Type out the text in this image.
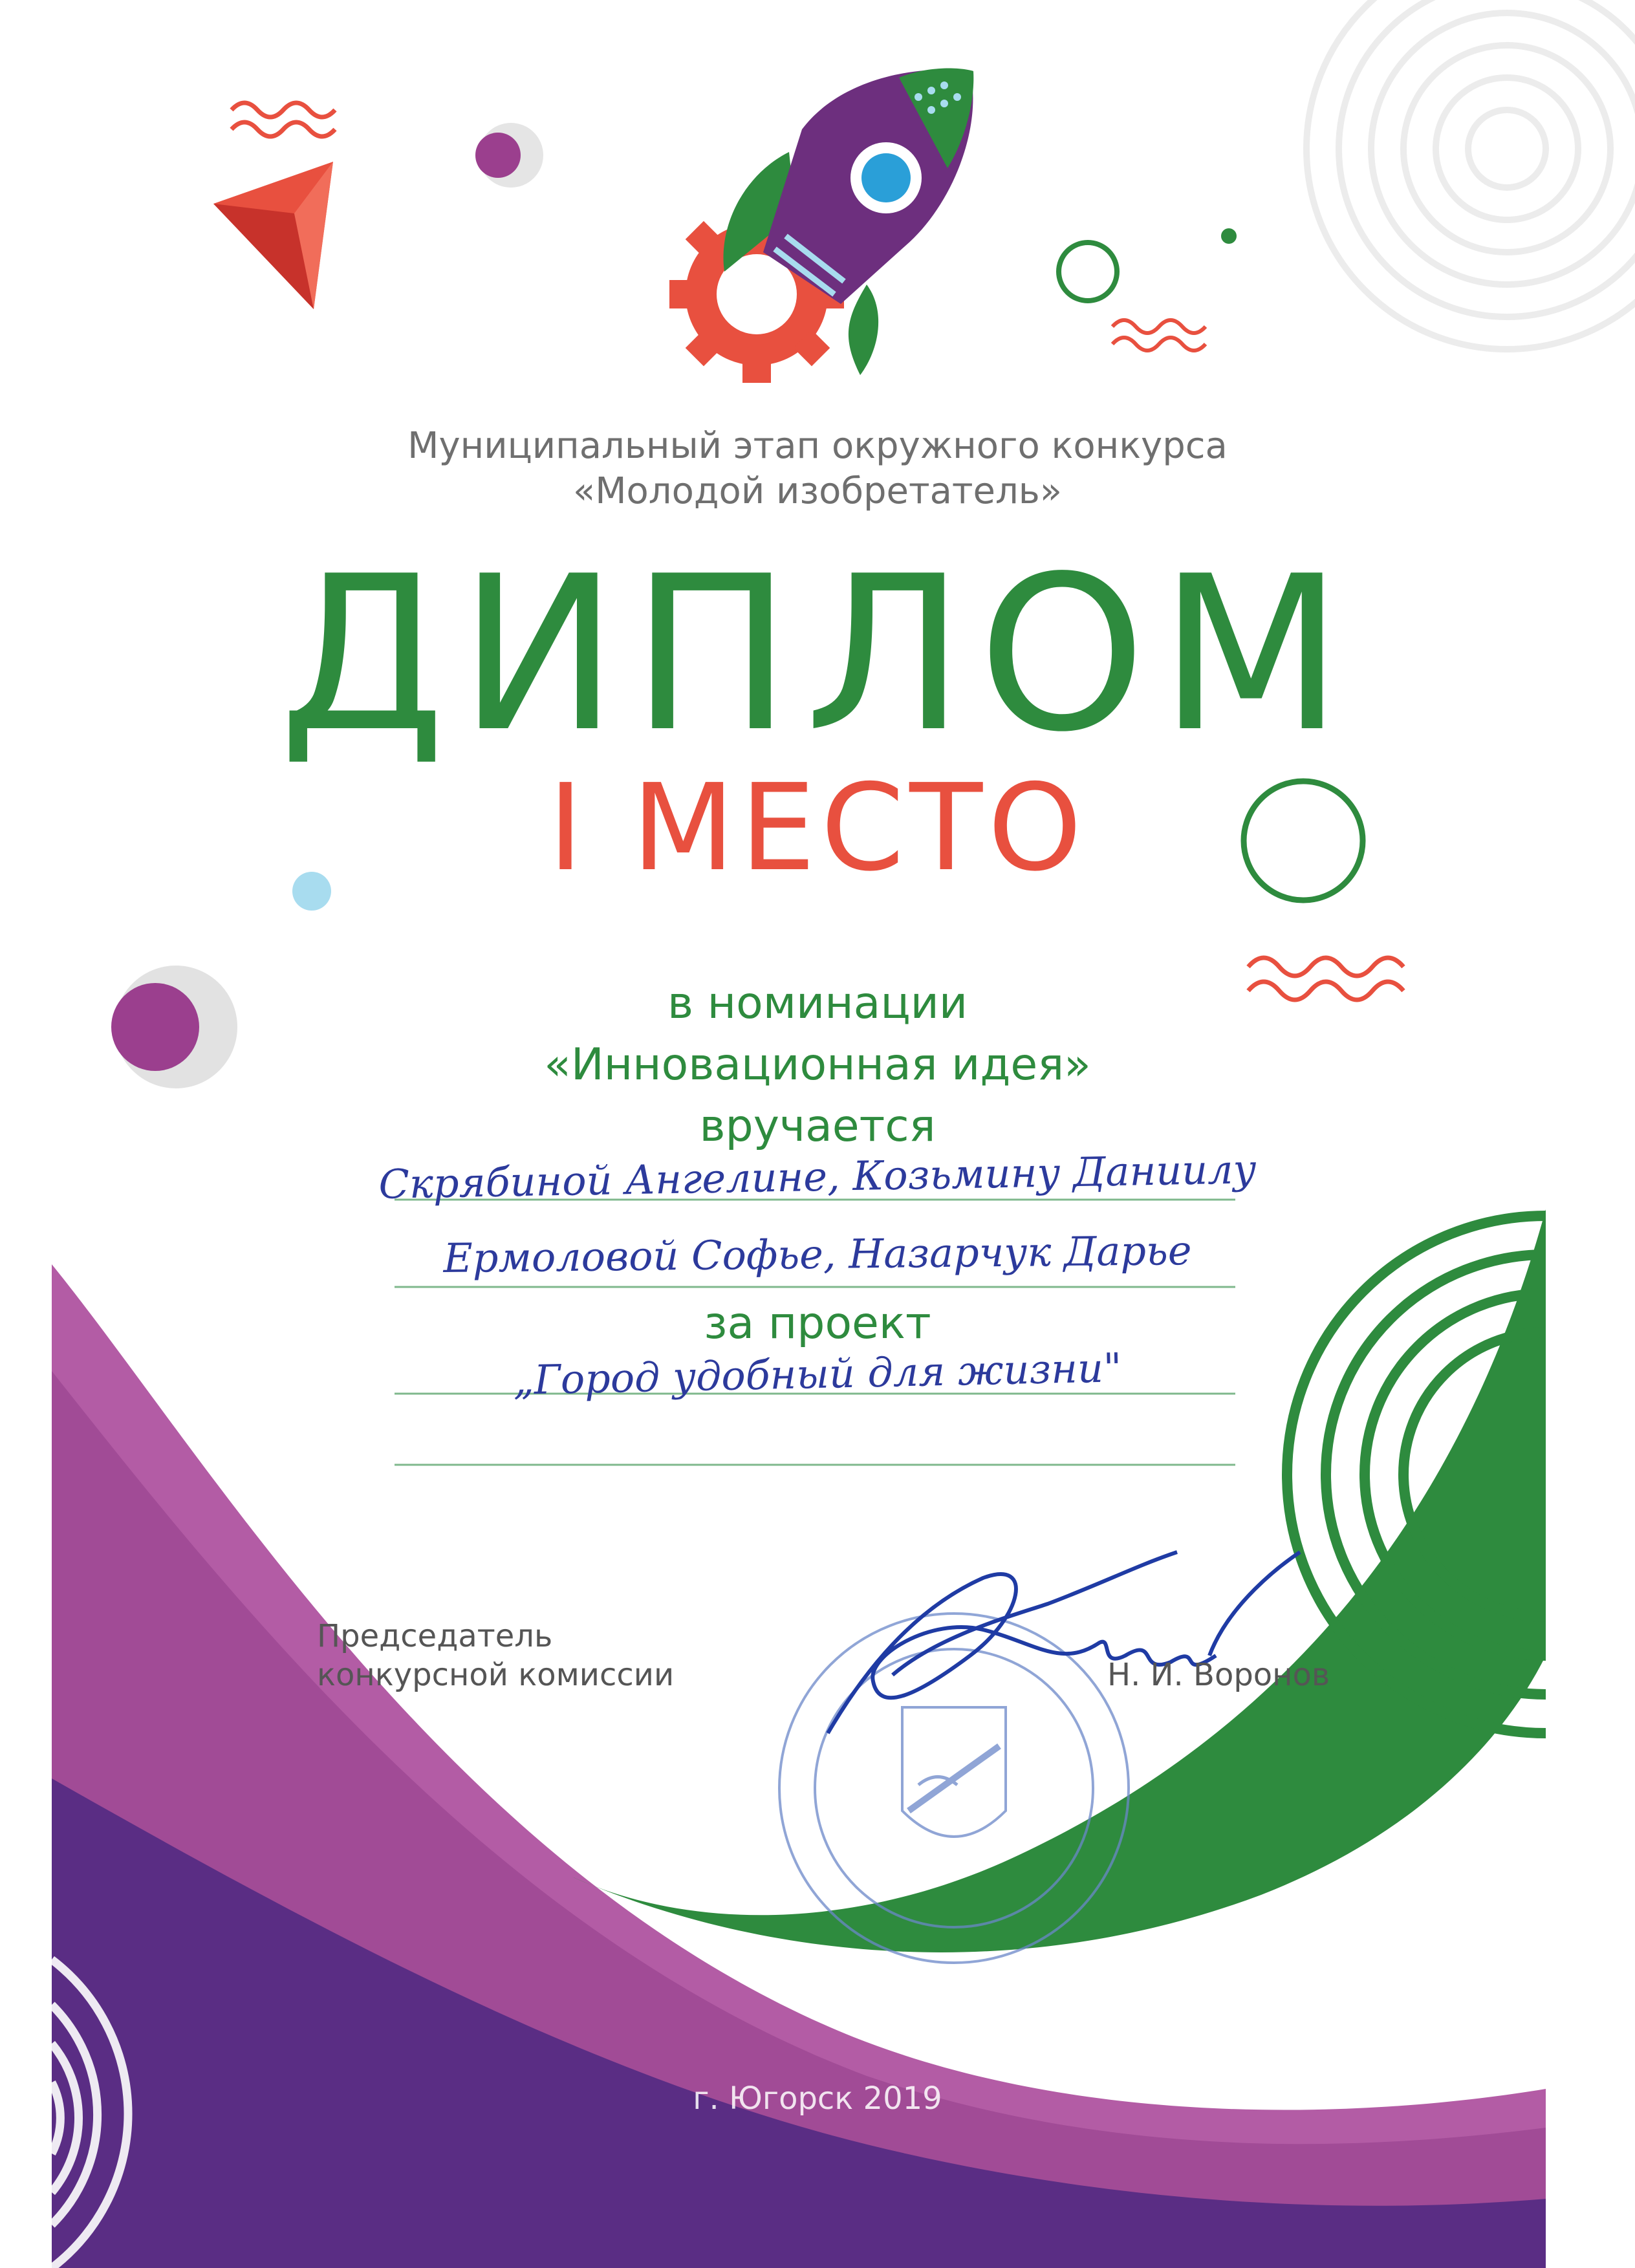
Муниципальный этап окружного конкурса
«Молодой изобретатель»
ДИПЛОМ
I МЕСТО
в номинации
«Инновационная идея»
вручается
Скрябиной Ангелине, Козьмину Даниилу
Ермоловой Софье, Назарчук Дарье
за проект
„Город удобный для жизни"
Председатель
конкурсной комиссии	Н. И. Воронов
г. Югорск 2019
